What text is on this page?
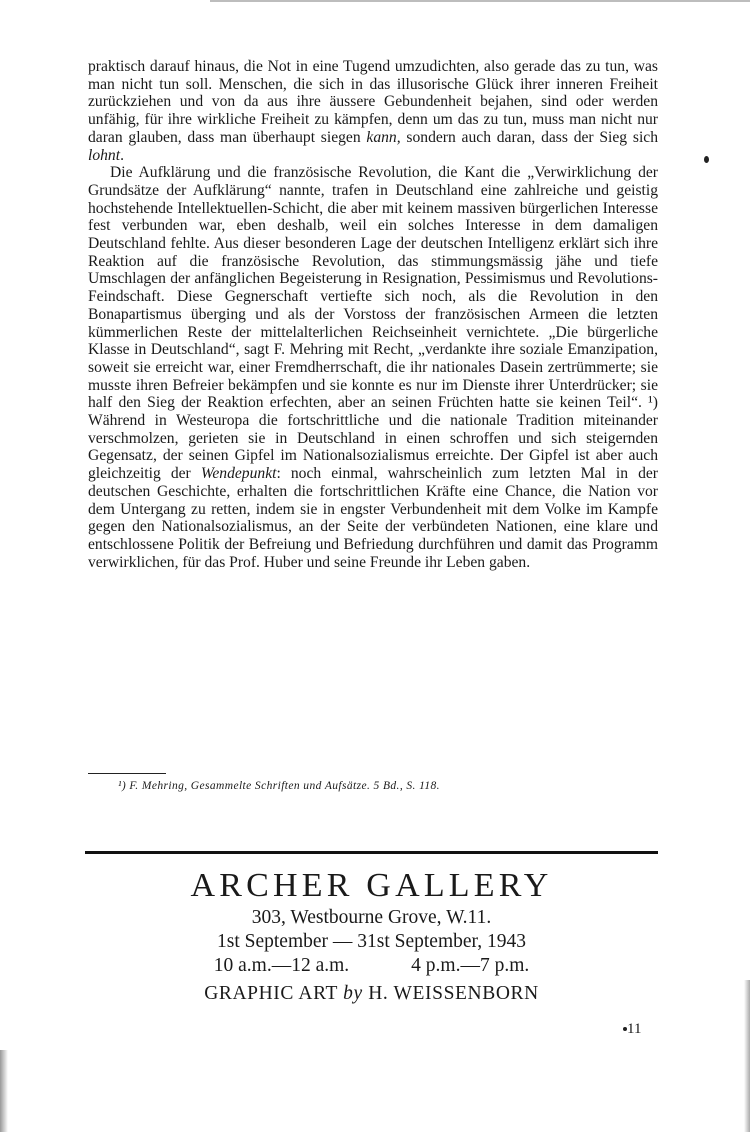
praktisch darauf hinaus, die Not in eine Tugend umzudichten, also gerade das zu tun, was man nicht tun soll. Menschen, die sich in das illusorische Glück ihrer inneren Freiheit zurückziehen und von da aus ihre äussere Gebundenheit bejahen, sind oder werden unfähig, für ihre wirkliche Freiheit zu kämpfen, denn um das zu tun, muss man nicht nur daran glauben, dass man überhaupt siegen kann, sondern auch daran, dass der Sieg sich lohnt.

Die Aufklärung und die französische Revolution, die Kant die „Verwirklichung der Grundsätze der Aufklärung“ nannte, trafen in Deutschland eine zahlreiche und geistig hochstehende Intellektuellen-Schicht, die aber mit keinem massiven bürgerlichen Interesse fest verbunden war, eben deshalb, weil ein solches Interesse in dem damaligen Deutschland fehlte. Aus dieser besonderen Lage der deutschen Intelligenz erklärt sich ihre Reaktion auf die französische Revolution, das stimmungsmässig jähe und tiefe Umschlagen der anfänglichen Begeisterung in Resignation, Pessimismus und Revolutions-Feindschaft. Diese Gegnerschaft vertiefte sich noch, als die Revolution in den Bonapartismus überging und als der Vorstoss der französischen Armeen die letzten kümmerlichen Reste der mittelalterlichen Reichseinheit vernichtete. „Die bürgerliche Klasse in Deutschland“, sagt F. Mehring mit Recht, „verdankte ihre soziale Emanzipation, soweit sie erreicht war, einer Fremdherrschaft, die ihr nationales Dasein zertrümmerte; sie musste ihren Befreier bekämpfen und sie konnte es nur im Dienste ihrer Unterdrücker; sie half den Sieg der Reaktion erfechten, aber an seinen Früchten hatte sie keinen Teil“. ¹) Während in Westeuropa die fortschrittliche und die nationale Tradition miteinander verschmolzen, gerieten sie in Deutschland in einen schroffen und sich steigernden Gegensatz, der seinen Gipfel im Nationalsozialismus erreichte. Der Gipfel ist aber auch gleichzeitig der Wendepunkt: noch einmal, wahrscheinlich zum letzten Mal in der deutschen Geschichte, erhalten die fortschrittlichen Kräfte eine Chance, die Nation vor dem Untergang zu retten, indem sie in engster Verbundenheit mit dem Volke im Kampfe gegen den Nationalsozialismus, an der Seite der verbündeten Nationen, eine klare und entschlossene Politik der Befreiung und Befriedung durchführen und damit das Programm verwirklichen, für das Prof. Huber und seine Freunde ihr Leben gaben.

¹) F. Mehring, Gesammelte Schriften und Aufsätze. 5 Bd., S. 118.

ARCHER GALLERY

303, Westbourne Grove, W.11.

1st September — 31st September, 1943

10 a.m.—12 a.m.	4 p.m.—7 p.m.

GRAPHIC ART by H. WEISSENBORN

11
